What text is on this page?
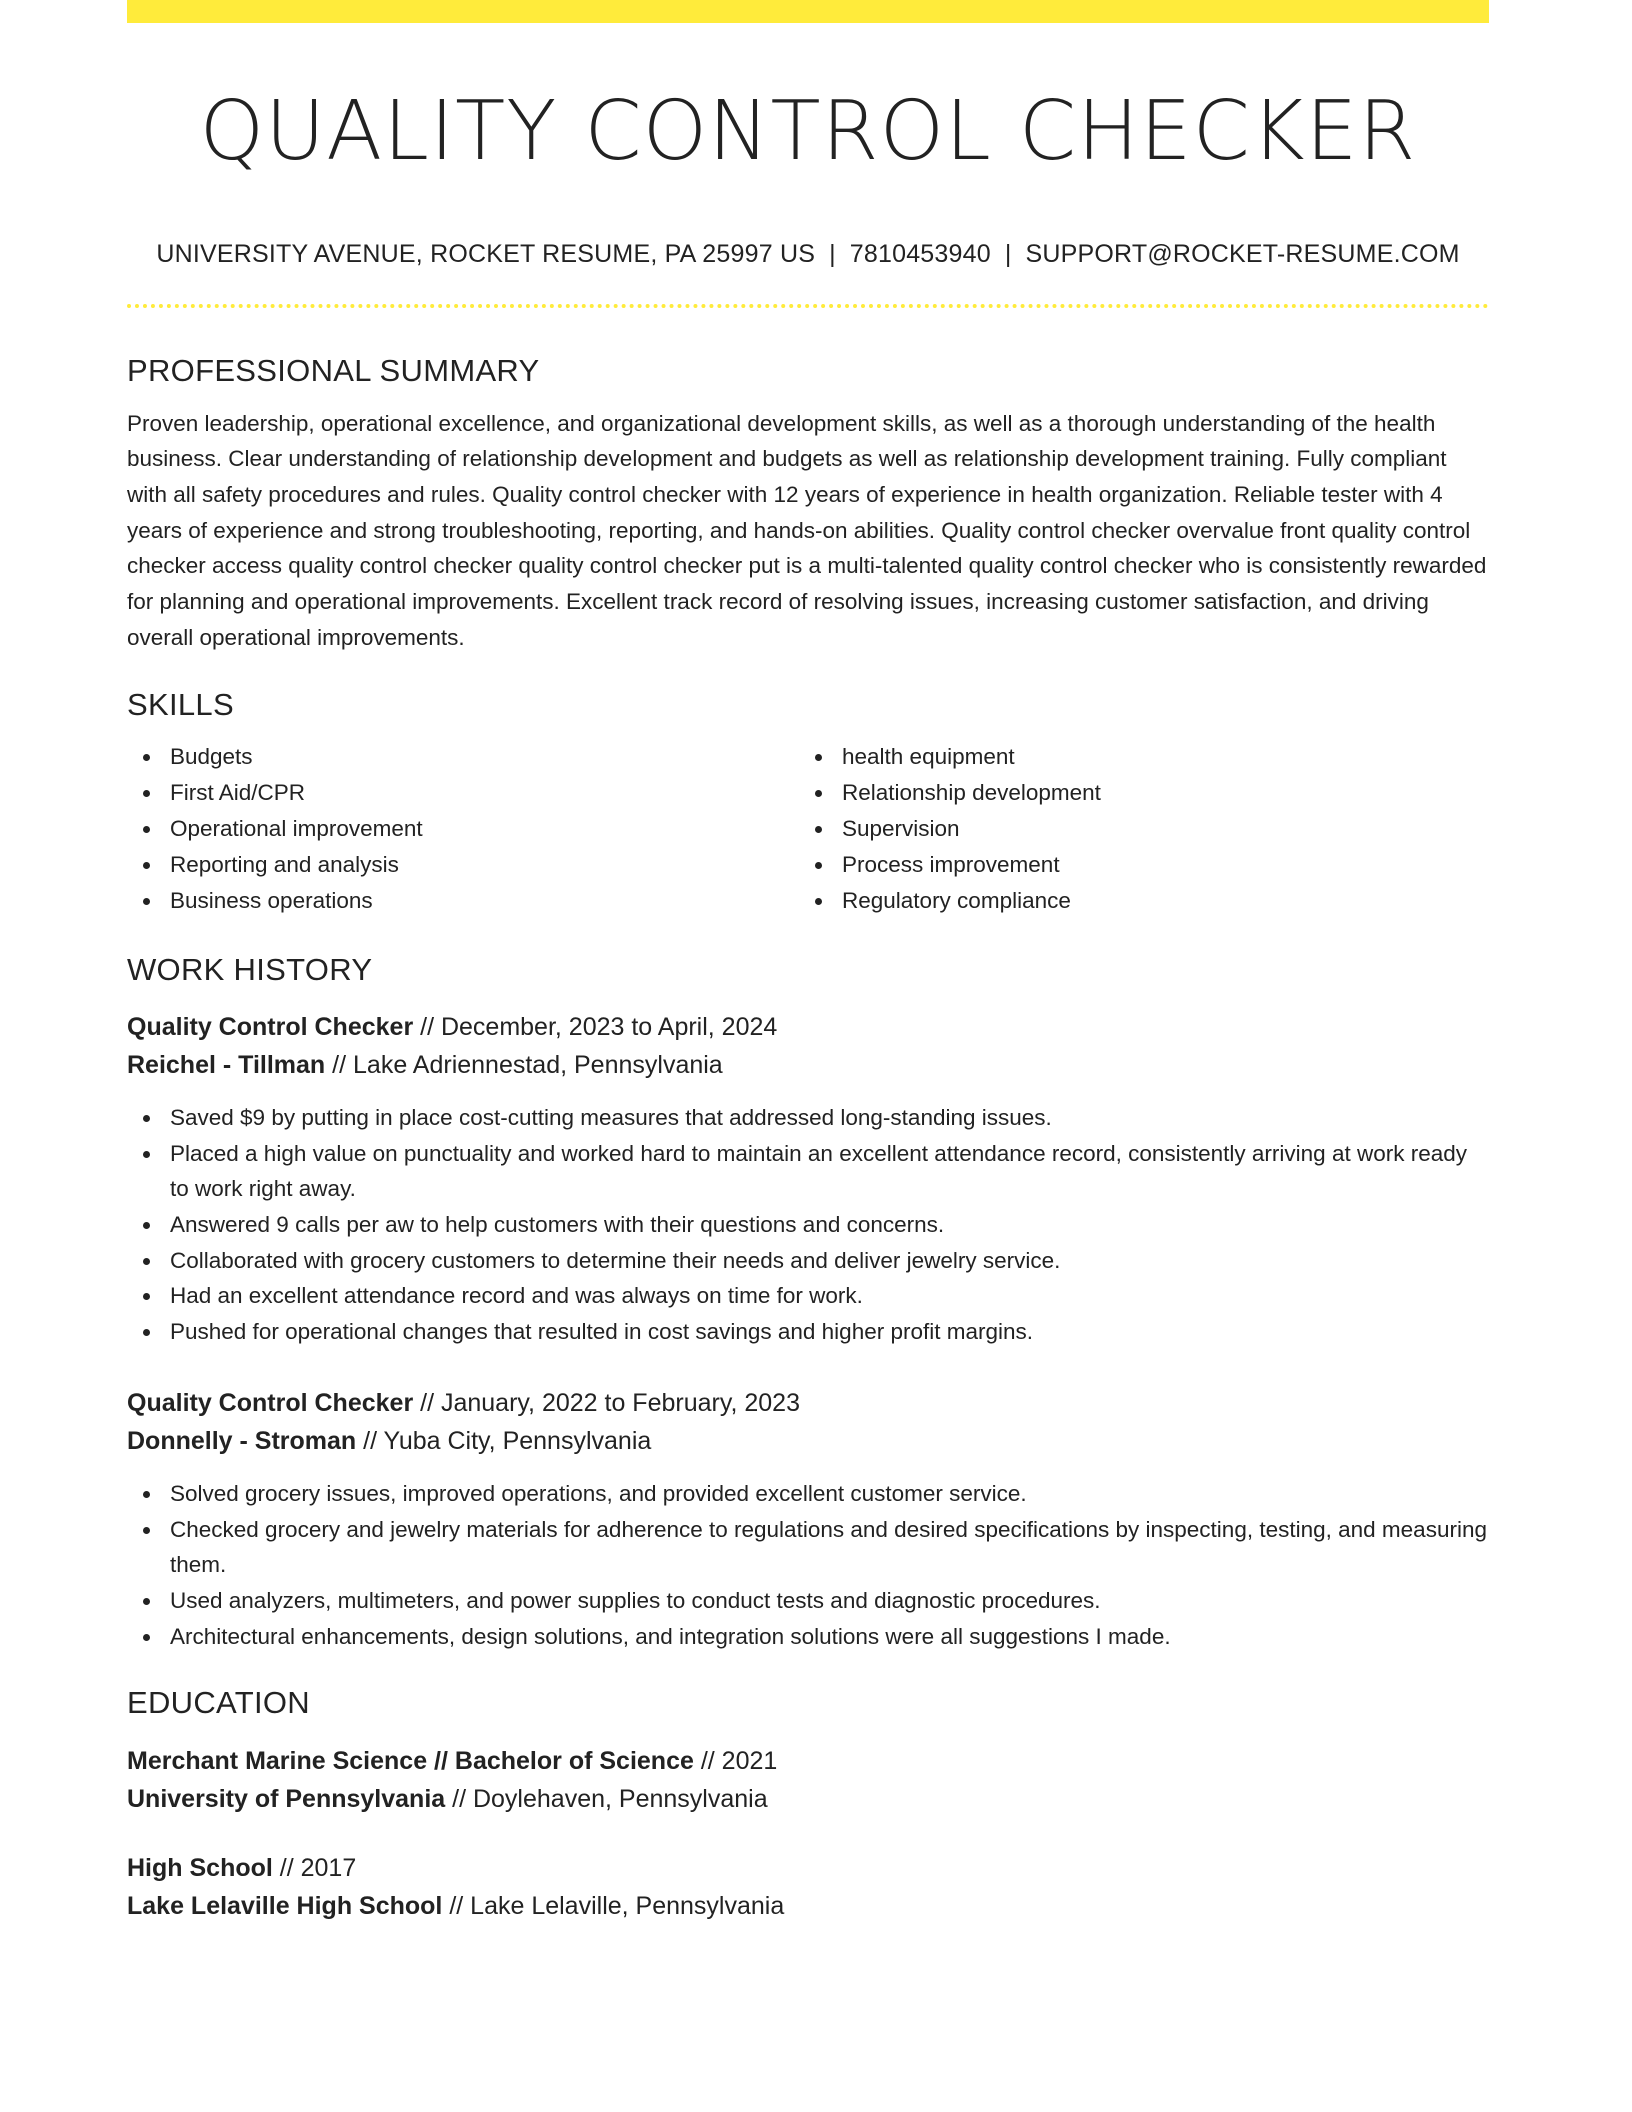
QUALITY CONTROL CHECKER
UNIVERSITY AVENUE, ROCKET RESUME, PA 25997 US | 7810453940 | SUPPORT@ROCKET-RESUME.COM
PROFESSIONAL SUMMARY

Proven leadership, operational excellence, and organizational development skills, as well as a thorough understanding of the health business. Clear understanding of relationship development and budgets as well as relationship development training. Fully compliant with all safety procedures and rules. Quality control checker with 12 years of experience in health organization. Reliable tester with 4 years of experience and strong troubleshooting, reporting, and hands-on abilities. Quality control checker overvalue front quality control checker access quality control checker quality control checker put is a multi-talented quality control checker who is consistently rewarded for planning and operational improvements. Excellent track record of resolving issues, increasing customer satisfaction, and driving overall operational improvements.

SKILLS
Budgets	health equipment
First Aid/CPR	Relationship development
Operational improvement	Supervision
Reporting and analysis	Process improvement
Business operations	Regulatory compliance
WORK HISTORY
Quality Control Checker // December, 2023 to April, 2024
Reichel - Tillman // Lake Adriennestad, Pennsylvania
Saved $9 by putting in place cost-cutting measures that addressed long-standing issues.
Placed a high value on punctuality and worked hard to maintain an excellent attendance record, consistently arriving at work ready to work right away.
Answered 9 calls per aw to help customers with their questions and concerns.
Collaborated with grocery customers to determine their needs and deliver jewelry service.
Had an excellent attendance record and was always on time for work.
Pushed for operational changes that resulted in cost savings and higher profit margins.
Quality Control Checker // January, 2022 to February, 2023
Donnelly - Stroman // Yuba City, Pennsylvania
Solved grocery issues, improved operations, and provided excellent customer service.
Checked grocery and jewelry materials for adherence to regulations and desired specifications by inspecting, testing, and measuring them.
Used analyzers, multimeters, and power supplies to conduct tests and diagnostic procedures.
Architectural enhancements, design solutions, and integration solutions were all suggestions I made.
EDUCATION
Merchant Marine Science // Bachelor of Science // 2021
University of Pennsylvania // Doylehaven, Pennsylvania
High School // 2017
Lake Lelaville High School // Lake Lelaville, Pennsylvania
